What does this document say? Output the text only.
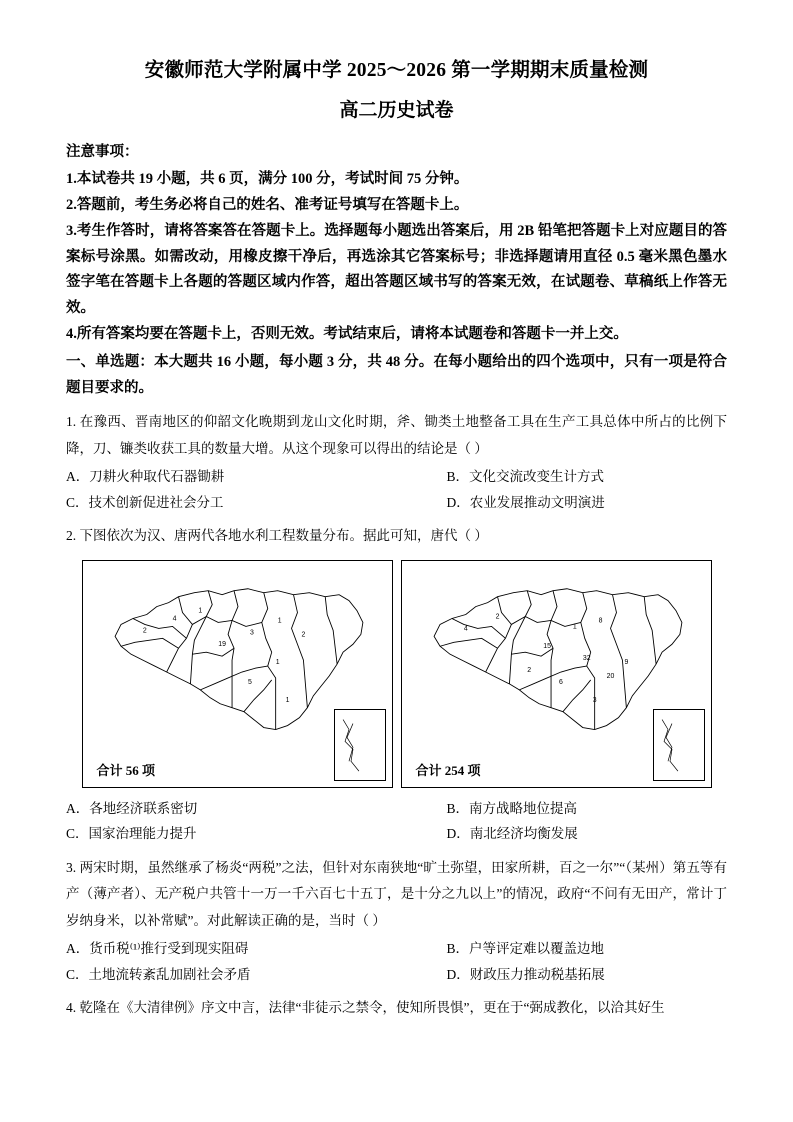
安徽师范大学附属中学 2025～2026 第一学期期末质量检测
高二历史试卷
注意事项：

1.本试卷共 19 小题，共 6 页，满分 100 分，考试时间 75 分钟。

2.答题前，考生务必将自己的姓名、准考证号填写在答题卡上。

3.考生作答时，请将答案答在答题卡上。选择题每小题选出答案后，用 2B 铅笔把答题卡上对应题目的答案标号涂黑。如需改动，用橡皮擦干净后，再选涂其它答案标号；非选择题请用直径 0.5 毫米黑色墨水签字笔在答题卡上各题的答题区域内作答，超出答题区域书写的答案无效，在试题卷、草稿纸上作答无效。

4.所有答案均要在答题卡上，否则无效。考试结束后，请将本试题卷和答题卡一并上交。

一、单选题：本大题共 16 小题，每小题 3 分，共 48 分。在每小题给出的四个选项中，只有一项是符合题目要求的。
1. 在豫西、晋南地区的仰韶文化晚期到龙山文化时期，斧、锄类土地整备工具在生产工具总体中所占的比例下降，刀、镰类收获工具的数量大增。从这个现象可以得出的结论是（ ）
A．刀耕火种取代石器锄耕	B．文化交流改变生计方式
C．技术创新促进社会分工	D．农业发展推动文明演进
2. 下图依次为汉、唐两代各地水利工程数量分布。据此可知，唐代（ ）
2
4
1
19
3
1
2
1
5
1
合计 56 项
4
2
15
1
8
32
20
9
6
3
2
合计 254 项
A．各地经济联系密切	B．南方战略地位提高
C．国家治理能力提升	D．南北经济均衡发展
3. 两宋时期，虽然继承了杨炎“两税”之法，但针对东南狭地“旷土弥望，田家所耕，百之一尔”“（某州）第五等有产（薄产者）、无产税户共管十一万一千六百七十五丁，是十分之九以上”的情况，政府“不问有无田产，常计丁岁纳身米，以补常赋”。对此解读正确的是，当时（ ）
A．货币税⁽¹⁾推行受到现实阻碍	B．户等评定难以覆盖边地
C．土地流转紊乱加剧社会矛盾	D．财政压力推动税基拓展
4. 乾隆在《大清律例》序文中言，法律“非徒示之禁令，使知所畏惧”，更在于“弼成教化，以洽其好生
